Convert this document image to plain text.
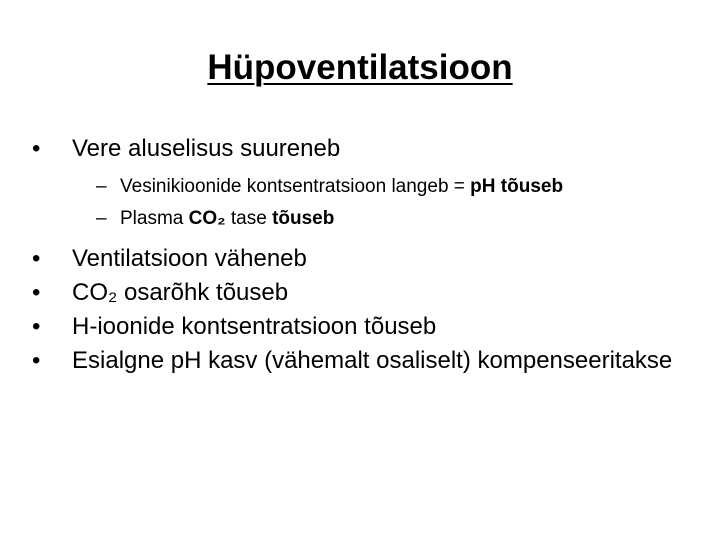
Hüpoventilatsioon
•	Vere aluselisus suureneb
– Vesinikioonide kontsentratsioon langeb = pH tõuseb
– Plasma CO₂ tase tõuseb
•	Ventilatsioon väheneb
•	CO₂ osarõhk tõuseb
•	H-ioonide kontsentratsioon tõuseb
•	Esialgne pH kasv (vähemalt osaliselt) kompenseeritakse
